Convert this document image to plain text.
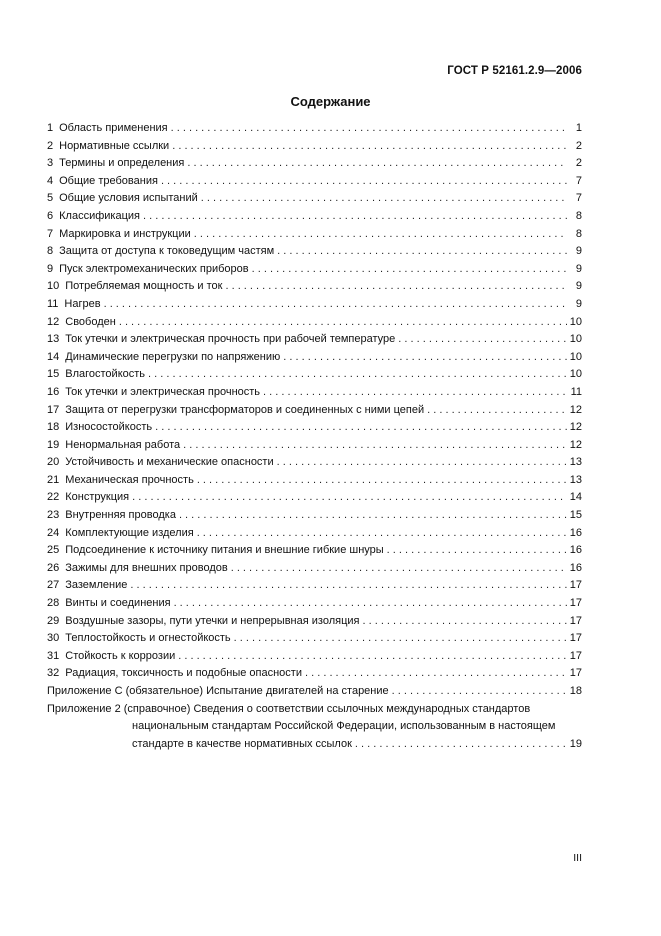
ГОСТ Р 52161.2.9—2006
Содержание
1 Область применения . . .	1
2 Нормативные ссылки . . .	2
3 Термины и определения . . .	2
4 Общие требования . . .	7
5 Общие условия испытаний . . .	7
6 Классификация . . .	8
7 Маркировка и инструкции . . .	8
8 Защита от доступа к токоведущим частям . . .	9
9 Пуск электромеханических приборов . . .	9
10 Потребляемая мощность и ток . . .	9
11 Нагрев . . .	9
12 Свободен . . .	10
13 Ток утечки и электрическая прочность при рабочей температуре . . .	10
14 Динамические перегрузки по напряжению . . .	10
15 Влагостойкость . . .	10
16 Ток утечки и электрическая прочность . . .	11
17 Защита от перегрузки трансформаторов и соединенных с ними цепей . . .	12
18 Износостойкость . . .	12
19 Ненормальная работа . . .	12
20 Устойчивость и механические опасности . . .	13
21 Механическая прочность . . .	13
22 Конструкция . . .	14
23 Внутренняя проводка . . .	15
24 Комплектующие изделия . . .	16
25 Подсоединение к источнику питания и внешние гибкие шнуры . . .	16
26 Зажимы для внешних проводов . . .	16
27 Заземление . . .	17
28 Винты и соединения . . .	17
29 Воздушные зазоры, пути утечки и непрерывная изоляция . . .	17
30 Теплостойкость и огнестойкость . . .	17
31 Стойкость к коррозии . . .	17
32 Радиация, токсичность и подобные опасности . . .	17
Приложение С (обязательное) Испытание двигателей на старение . . .	18
Приложение 2 (справочное) Сведения о соответствии ссылочных международных стандартов
национальным стандартам Российской Федерации, использованным в настоящем
стандарте в качестве нормативных ссылок . . .	19
III
